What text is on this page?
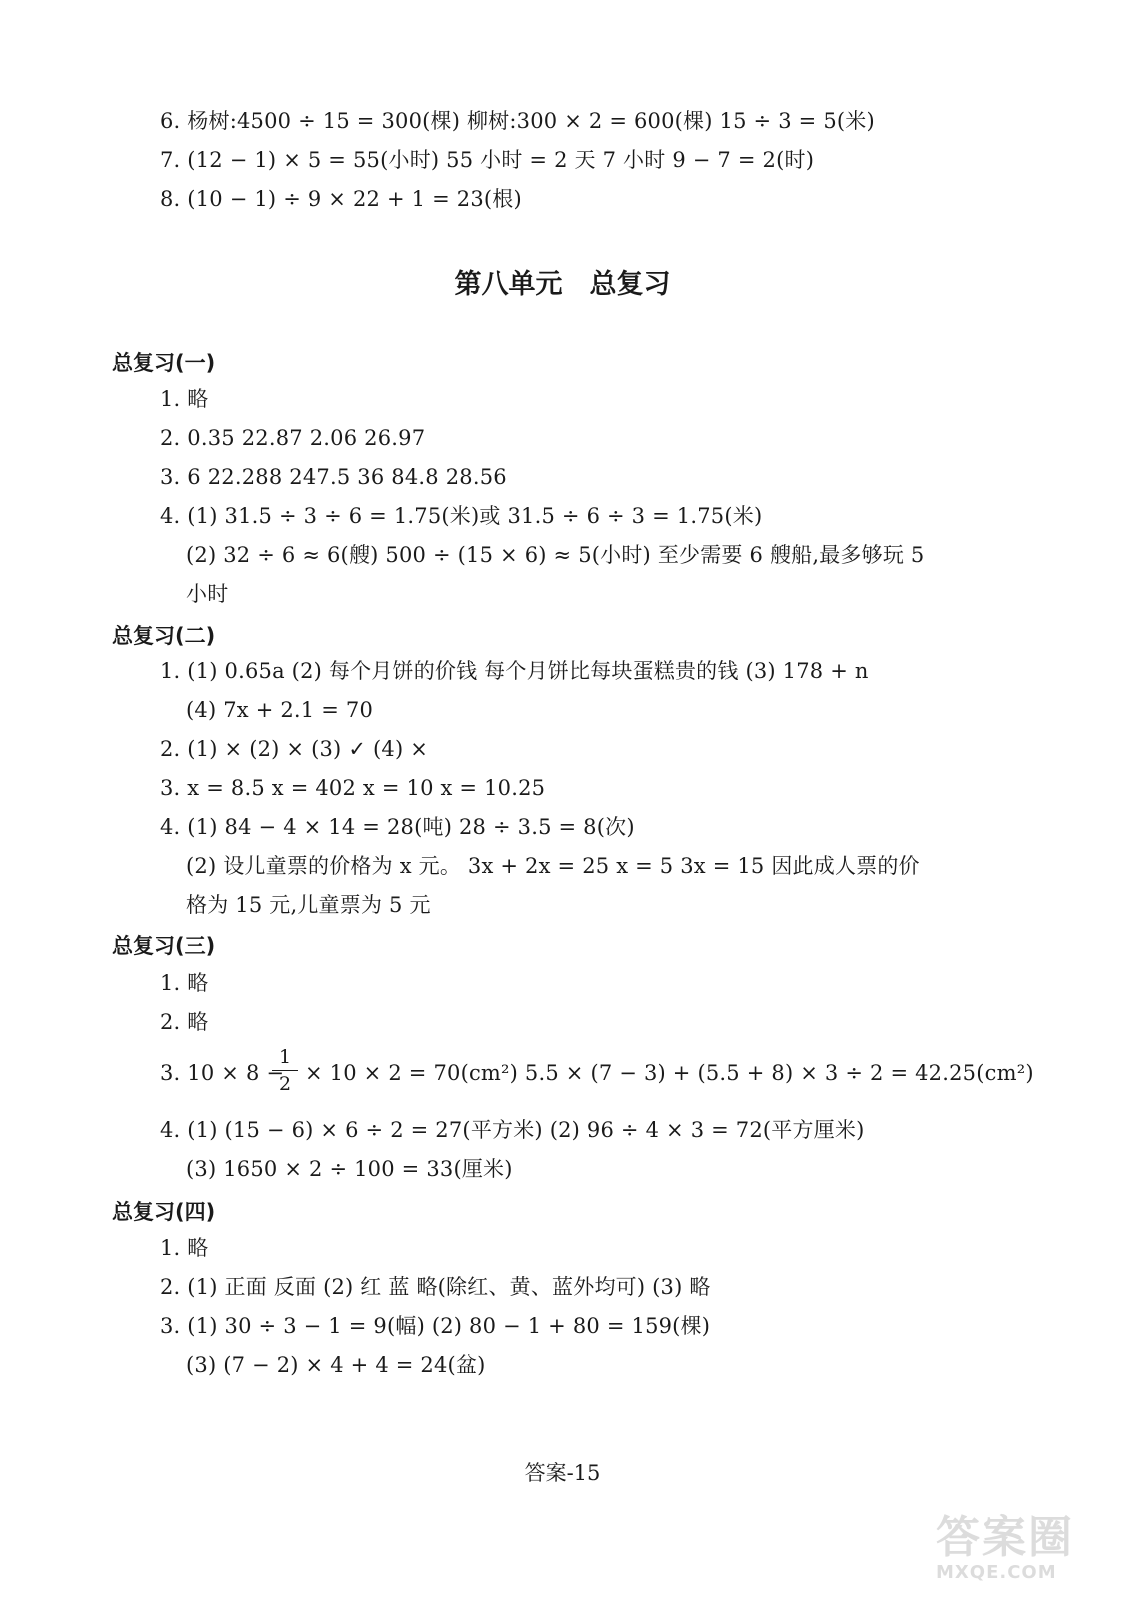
6. 杨树:4500 ÷ 15 = 300(棵) 柳树:300 × 2 = 600(棵) 15 ÷ 3 = 5(米)
7. (12 − 1) × 5 = 55(小时) 55 小时 = 2 天 7 小时 9 − 7 = 2(时)
8. (10 − 1) ÷ 9 × 22 + 1 = 23(根)
第八单元　总复习
总复习(一)
1. 略
2. 0.35 22.87 2.06 26.97
3. 6 22.288 247.5 36 84.8 28.56
4. (1) 31.5 ÷ 3 ÷ 6 = 1.75(米)或 31.5 ÷ 6 ÷ 3 = 1.75(米)
(2) 32 ÷ 6 ≈ 6(艘) 500 ÷ (15 × 6) ≈ 5(小时) 至少需要 6 艘船,最多够玩 5
小时
总复习(二)
1. (1) 0.65a (2) 每个月饼的价钱 每个月饼比每块蛋糕贵的钱 (3) 178 + n
(4) 7x + 2.1 = 70
2. (1) × (2) × (3) ✓ (4) ×
3. x = 8.5 x = 402 x = 10 x = 10.25
4. (1) 84 − 4 × 14 = 28(吨) 28 ÷ 3.5 = 8(次)
(2) 设儿童票的价格为 x 元。 3x + 2x = 25 x = 5 3x = 15 因此成人票的价
格为 15 元,儿童票为 5 元
总复习(三)
1. 略
2. 略
3. 10 × 8 −
1
2 × 10 × 2 = 70(cm²) 5.5 × (7 − 3) + (5.5 + 8) × 3 ÷ 2 = 42.25(cm²)
4. (1) (15 − 6) × 6 ÷ 2 = 27(平方米) (2) 96 ÷ 4 × 3 = 72(平方厘米)
(3) 1650 × 2 ÷ 100 = 33(厘米)
总复习(四)
1. 略
2. (1) 正面 反面 (2) 红 蓝 略(除红、黄、蓝外均可) (3) 略
3. (1) 30 ÷ 3 − 1 = 9(幅) (2) 80 − 1 + 80 = 159(棵)
(3) (7 − 2) × 4 + 4 = 24(盆)
答案-15
答案圈
MXQE.COM
